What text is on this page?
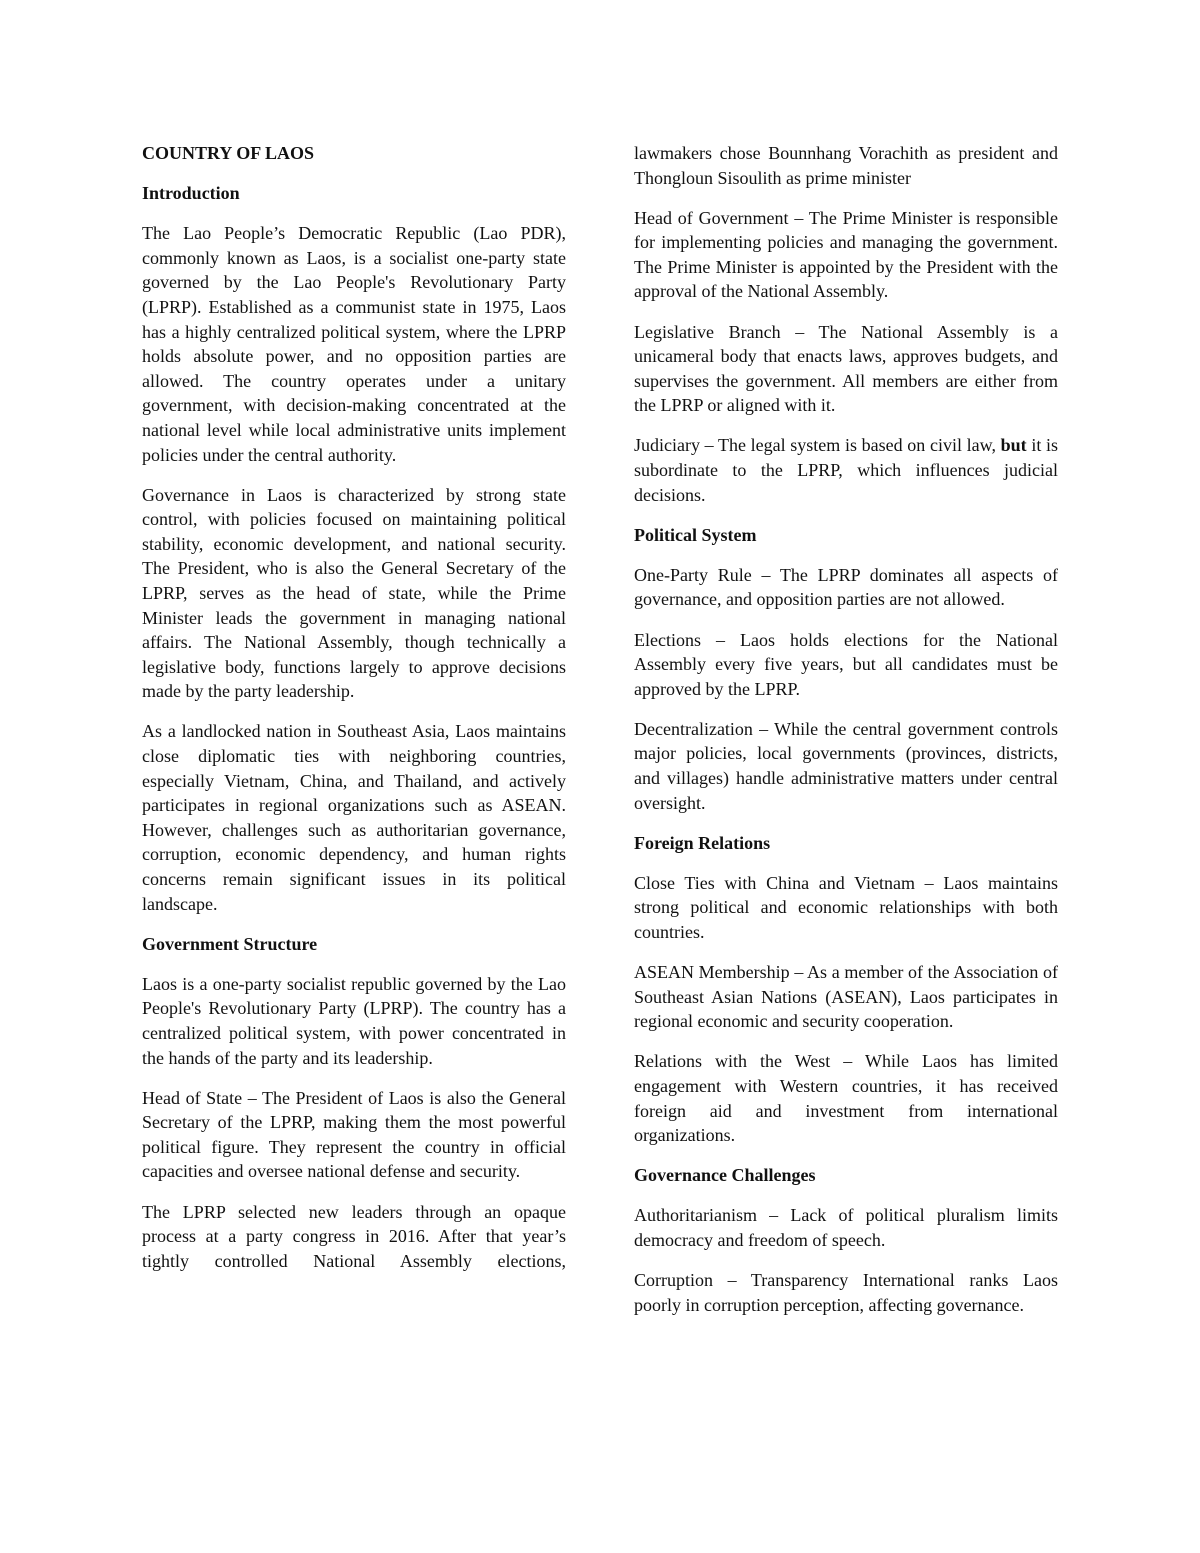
COUNTRY OF LAOS
Introduction

The Lao People’s Democratic Republic (Lao PDR), commonly known as Laos, is a socialist one-party state governed by the Lao People's Revolutionary Party (LPRP). Established as a communist state in 1975, Laos has a highly centralized political system, where the LPRP holds absolute power, and no opposition parties are allowed. The country operates under a unitary government, with decision-making concentrated at the national level while local administrative units implement policies under the central authority.

Governance in Laos is characterized by strong state control, with policies focused on maintaining political stability, economic development, and national security. The President, who is also the General Secretary of the LPRP, serves as the head of state, while the Prime Minister leads the government in managing national affairs. The National Assembly, though technically a legislative body, functions largely to approve decisions made by the party leadership.

As a landlocked nation in Southeast Asia, Laos maintains close diplomatic ties with neighboring countries, especially Vietnam, China, and Thailand, and actively participates in regional organizations such as ASEAN. However, challenges such as authoritarian governance, corruption, economic dependency, and human rights concerns remain significant issues in its political landscape.

Government Structure

Laos is a one-party socialist republic governed by the Lao People's Revolutionary Party (LPRP). The country has a centralized political system, with power concentrated in the hands of the party and its leadership.

Head of State – The President of Laos is also the General Secretary of the LPRP, making them the most powerful political figure. They represent the country in official capacities and oversee national defense and security.

The LPRP selected new leaders through an opaque process at a party congress in 2016. After that year’s tightly controlled National Assembly elections,

lawmakers chose Bounnhang Vorachith as president and Thongloun Sisoulith as prime minister

Head of Government – The Prime Minister is responsible for implementing policies and managing the government. The Prime Minister is appointed by the President with the approval of the National Assembly.

Legislative Branch – The National Assembly is a unicameral body that enacts laws, approves budgets, and supervises the government. All members are either from the LPRP or aligned with it.

Judiciary – The legal system is based on civil law, but it is subordinate to the LPRP, which influences judicial decisions.

Political System

One-Party Rule – The LPRP dominates all aspects of governance, and opposition parties are not allowed.

Elections – Laos holds elections for the National Assembly every five years, but all candidates must be approved by the LPRP.

Decentralization – While the central government controls major policies, local governments (provinces, districts, and villages) handle administrative matters under central oversight.

Foreign Relations

Close Ties with China and Vietnam – Laos maintains strong political and economic relationships with both countries.

ASEAN Membership – As a member of the Association of Southeast Asian Nations (ASEAN), Laos participates in regional economic and security cooperation.

Relations with the West – While Laos has limited engagement with Western countries, it has received foreign aid and investment from international organizations.

Governance Challenges

Authoritarianism – Lack of political pluralism limits democracy and freedom of speech.

Corruption – Transparency International ranks Laos poorly in corruption perception, affecting governance.
